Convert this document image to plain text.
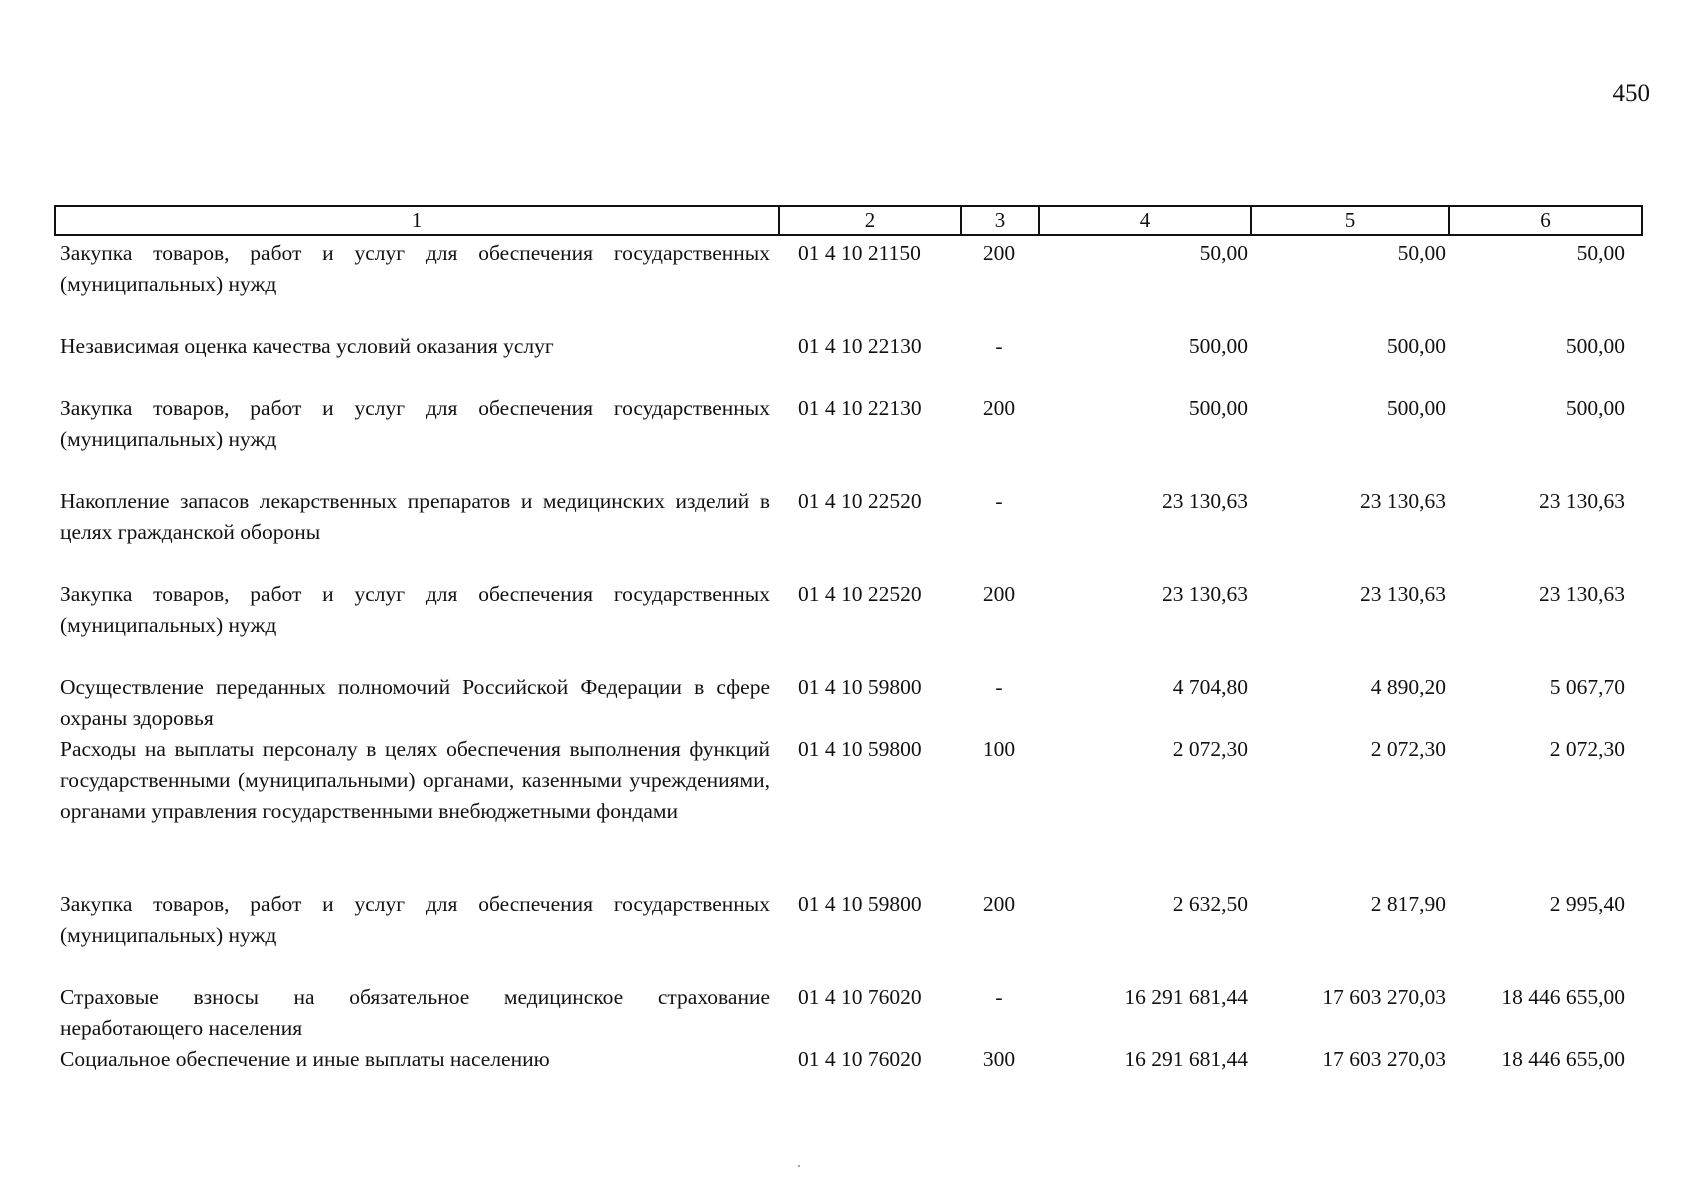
450
1	2	3	4	5	6
Закупка товаров, работ и услуг для обеспечения государственных (муниципальных) нужд	01 4 10 21150	200	50,00	50,00	50,00
Независимая оценка качества условий оказания услуг	01 4 10 22130	-	500,00	500,00	500,00
Закупка товаров, работ и услуг для обеспечения государственных (муниципальных) нужд	01 4 10 22130	200	500,00	500,00	500,00
Накопление запасов лекарственных препаратов и медицинских изделий в целях гражданской обороны	01 4 10 22520	-	23 130,63	23 130,63	23 130,63
Закупка товаров, работ и услуг для обеспечения государственных (муниципальных) нужд	01 4 10 22520	200	23 130,63	23 130,63	23 130,63
Осуществление переданных полномочий Российской Федерации в сфере охраны здоровья	01 4 10 59800	-	4 704,80	4 890,20	5 067,70
Расходы на выплаты персоналу в целях обеспечения выполнения функций государственными (муниципальными) органами, казенными учреждениями, органами управления государственными внебюджетными фондами	01 4 10 59800	100	2 072,30	2 072,30	2 072,30
Закупка товаров, работ и услуг для обеспечения государственных (муниципальных) нужд	01 4 10 59800	200	2 632,50	2 817,90	2 995,40
Страховые взносы на обязательное медицинское страхование неработающего населения	01 4 10 76020	-	16 291 681,44	17 603 270,03	18 446 655,00
Социальное обеспечение и иные выплаты населению	01 4 10 76020	300	16 291 681,44	17 603 270,03	18 446 655,00
